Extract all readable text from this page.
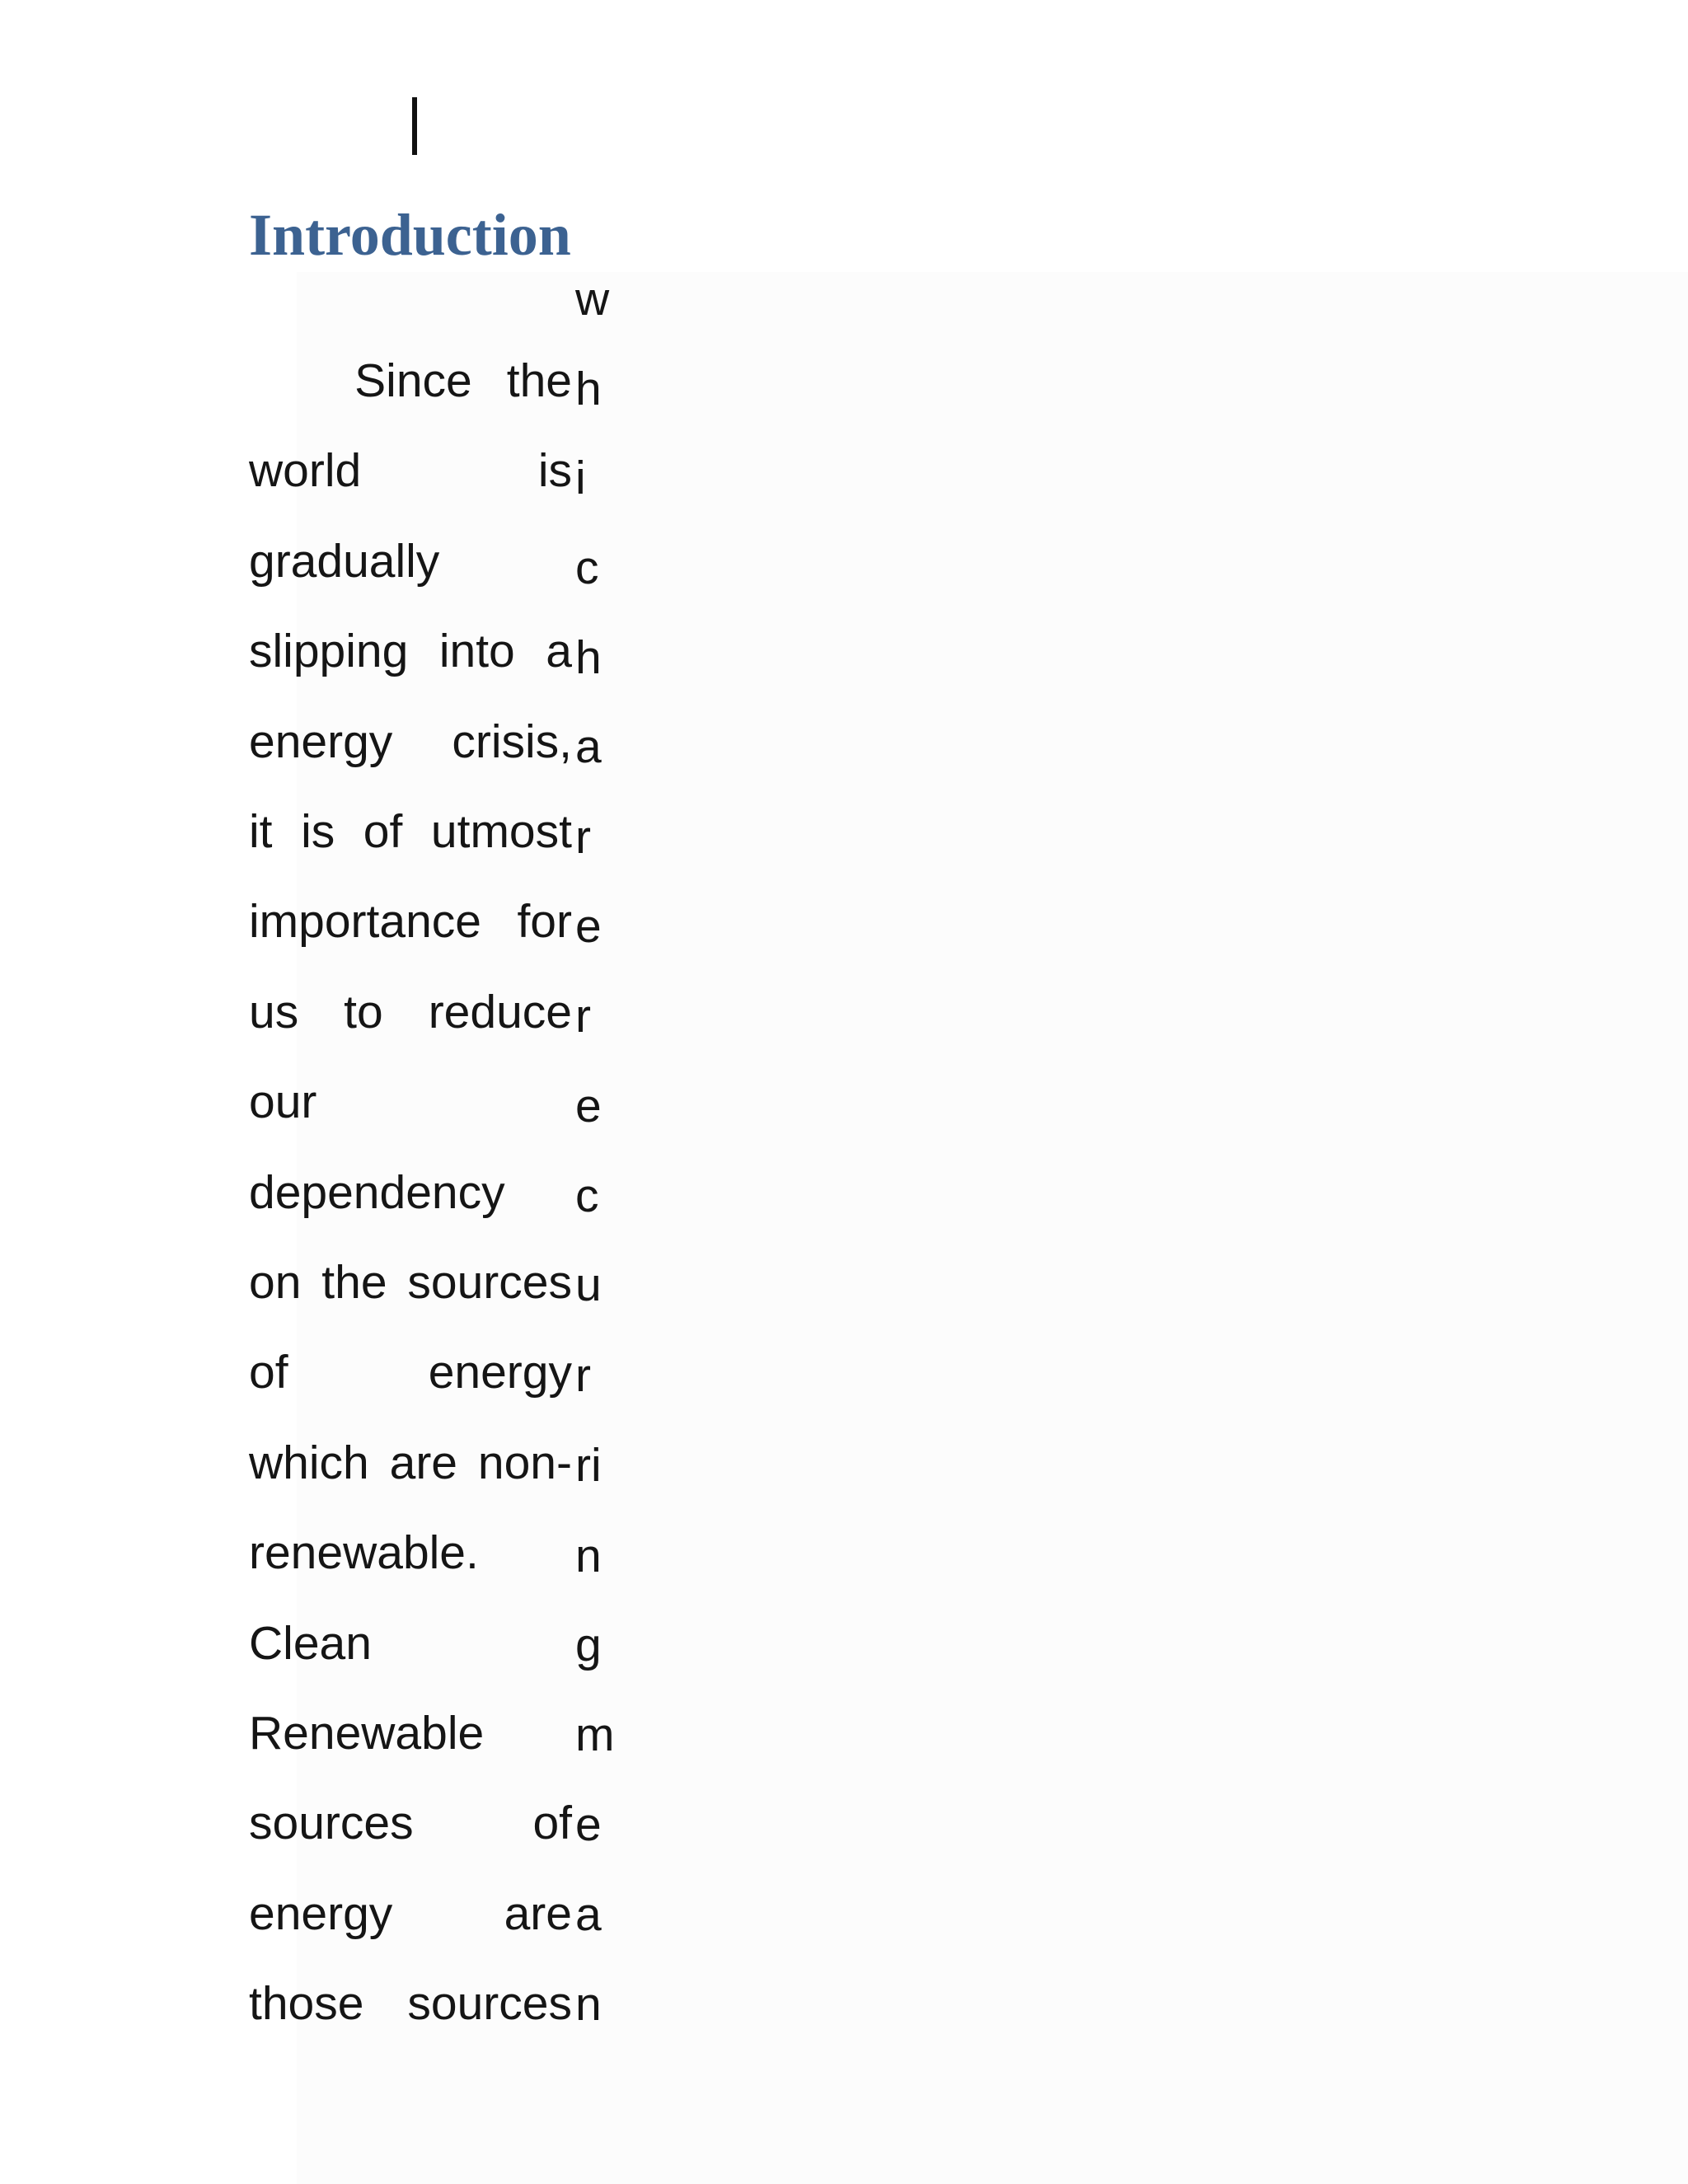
Introduction
Since the
world	is
gradually
slipping into a
energy crisis,
it is of utmost
importance for
us to reduce
our
dependency
on the sources
of	energy
which are non-
renewable.
Clean
Renewable
sources	of
energy are
those sources
w
h
i
c
h
a
r
e
r
e
c
u
r
ri
n
g
m
e
a
n
